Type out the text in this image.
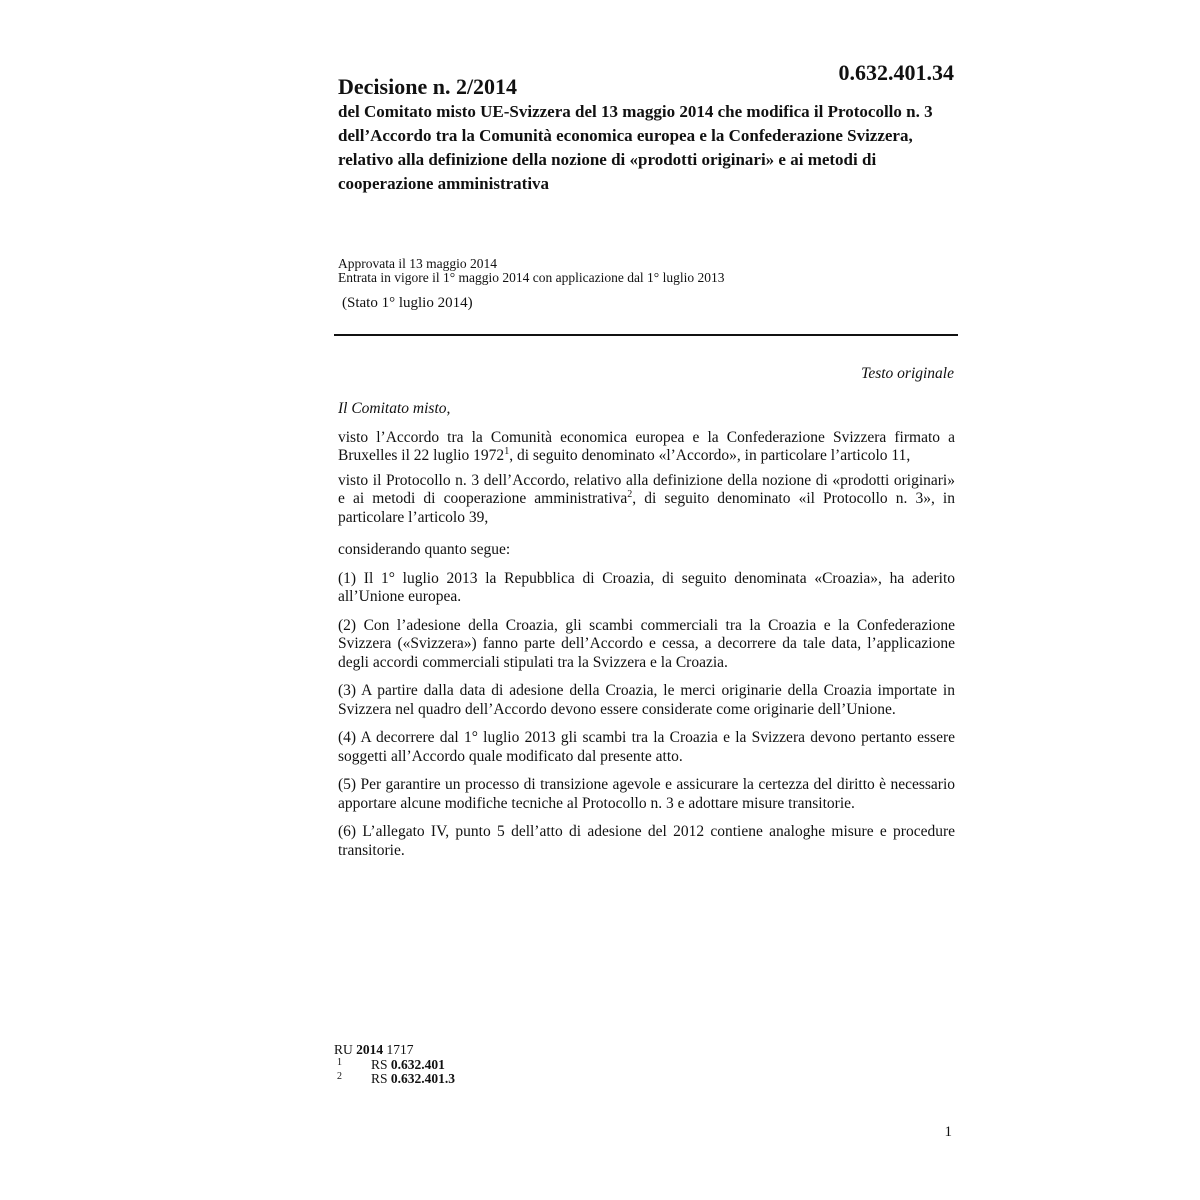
0.632.401.34
Decisione n. 2/2014

del Comitato misto UE-Svizzera del 13 maggio 2014 che modifica il Protocollo n. 3 dell’Accordo tra la Comunità economica europea e la Confederazione Svizzera, relativo alla definizione della nozione di «prodotti originari» e ai metodi di cooperazione amministrativa

Approvata il 13 maggio 2014
Entrata in vigore il 1° maggio 2014 con applicazione dal 1° luglio 2013
(Stato 1° luglio 2014)
Testo originale

Il Comitato misto,

visto l’Accordo tra la Comunità economica europea e la Confederazione Svizzera firmato a Bruxelles il 22 luglio 1972$^1$, di seguito denominato «l’Accordo», in particolare l’articolo 11,

visto il Protocollo n. 3 dell’Accordo, relativo alla definizione della nozione di «prodotti originari» e ai metodi di cooperazione amministrativa$^2$, di seguito denominato «il Protocollo n. 3», in particolare l’articolo 39,

considerando quanto segue:

(1) Il 1° luglio 2013 la Repubblica di Croazia, di seguito denominata «Croazia», ha aderito all’Unione europea.

(2) Con l’adesione della Croazia, gli scambi commerciali tra la Croazia e la Confederazione Svizzera («Svizzera») fanno parte dell’Accordo e cessa, a decorrere da tale data, l’applicazione degli accordi commerciali stipulati tra la Svizzera e la Croazia.

(3) A partire dalla data di adesione della Croazia, le merci originarie della Croazia importate in Svizzera nel quadro dell’Accordo devono essere considerate come originarie dell’Unione.

(4) A decorrere dal 1° luglio 2013 gli scambi tra la Croazia e la Svizzera devono pertanto essere soggetti all’Accordo quale modificato dal presente atto.

(5) Per garantire un processo di transizione agevole e assicurare la certezza del diritto è necessario apportare alcune modifiche tecniche al Protocollo n. 3 e adottare misure transitorie.

(6) L’allegato IV, punto 5 dell’atto di adesione del 2012 contiene analoghe misure e procedure transitorie.

RU 2014 1717
1 RS 0.632.401
2 RS 0.632.401.3
1
